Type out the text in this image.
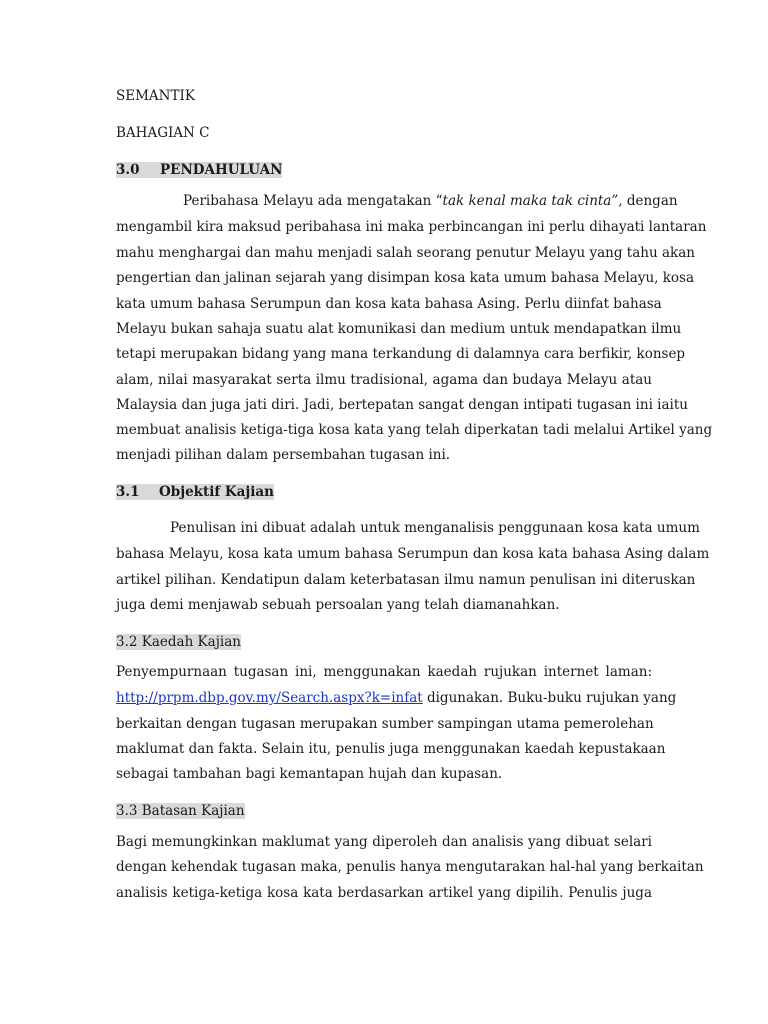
SEMANTIK
BAHAGIAN C
3.0 PENDAHULUAN
Peribahasa Melayu ada mengatakan “tak kenal maka tak cinta”, dengan
mengambil kira maksud peribahasa ini maka perbincangan ini perlu dihayati lantaran
mahu menghargai dan mahu menjadi salah seorang penutur Melayu yang tahu akan
pengertian dan jalinan sejarah yang disimpan kosa kata umum bahasa Melayu, kosa
kata umum bahasa Serumpun dan kosa kata bahasa Asing. Perlu diinfat bahasa
Melayu bukan sahaja suatu alat komunikasi dan medium untuk mendapatkan ilmu
tetapi merupakan bidang yang mana terkandung di dalamnya cara berfikir, konsep
alam, nilai masyarakat serta ilmu tradisional, agama dan budaya Melayu atau
Malaysia dan juga jati diri. Jadi, bertepatan sangat dengan intipati tugasan ini iaitu
membuat analisis ketiga-tiga kosa kata yang telah diperkatan tadi melalui Artikel yang
menjadi pilihan dalam persembahan tugasan ini.
3.1 Objektif Kajian
Penulisan ini dibuat adalah untuk menganalisis penggunaan kosa kata umum
bahasa Melayu, kosa kata umum bahasa Serumpun dan kosa kata bahasa Asing dalam
artikel pilihan. Kendatipun dalam keterbatasan ilmu namun penulisan ini diteruskan
juga demi menjawab sebuah persoalan yang telah diamanahkan.
3.2 Kaedah Kajian
Penyempurnaan tugasan ini, menggunakan kaedah rujukan internet laman:
http://prpm.dbp.gov.my/Search.aspx?k=infat digunakan. Buku-buku rujukan yang
berkaitan dengan tugasan merupakan sumber sampingan utama pemerolehan
maklumat dan fakta. Selain itu, penulis juga menggunakan kaedah kepustakaan
sebagai tambahan bagi kemantapan hujah dan kupasan.
3.3 Batasan Kajian
Bagi memungkinkan maklumat yang diperoleh dan analisis yang dibuat selari
dengan kehendak tugasan maka, penulis hanya mengutarakan hal-hal yang berkaitan
analisis ketiga-ketiga kosa kata berdasarkan artikel yang dipilih. Penulis juga
